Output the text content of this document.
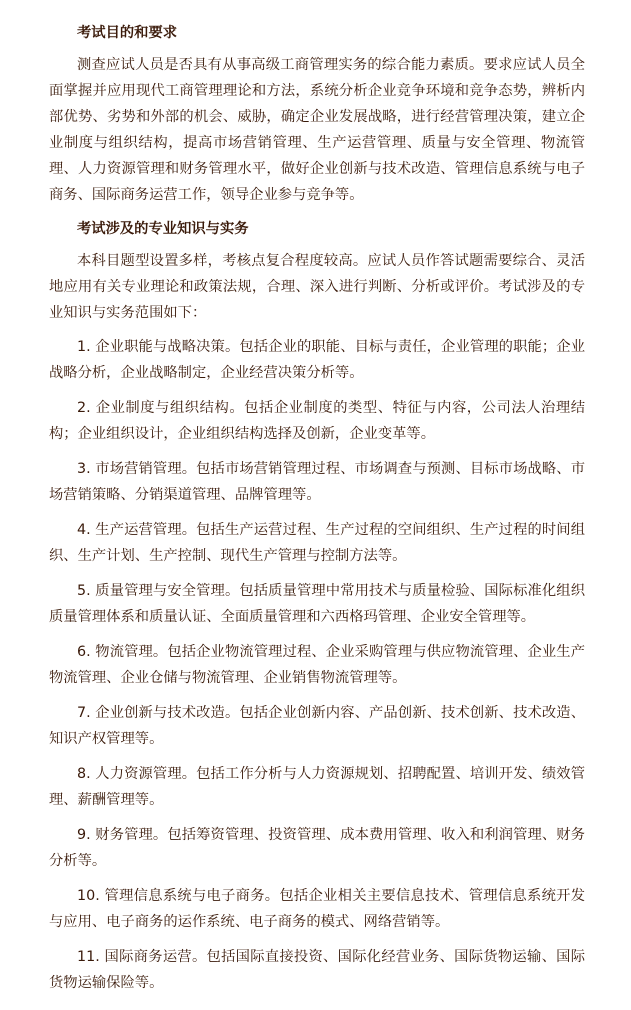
考试目的和要求

测查应试人员是否具有从事高级工商管理实务的综合能力素质。要求应试人员全面掌握并应用现代工商管理理论和方法，系统分析企业竞争环境和竞争态势，辨析内部优势、劣势和外部的机会、威胁，确定企业发展战略，进行经营管理决策，建立企业制度与组织结构，提高市场营销管理、生产运营管理、质量与安全管理、物流管理、人力资源管理和财务管理水平，做好企业创新与技术改造、管理信息系统与电子商务、国际商务运营工作，领导企业参与竞争等。

考试涉及的专业知识与实务

本科目题型设置多样，考核点复合程度较高。应试人员作答试题需要综合、灵活地应用有关专业理论和政策法规，合理、深入进行判断、分析或评价。考试涉及的专业知识与实务范围如下：

1. 企业职能与战略决策。包括企业的职能、目标与责任，企业管理的职能；企业战略分析，企业战略制定，企业经营决策分析等。

2. 企业制度与组织结构。包括企业制度的类型、特征与内容，公司法人治理结构；企业组织设计，企业组织结构选择及创新，企业变革等。

3. 市场营销管理。包括市场营销管理过程、市场调查与预测、目标市场战略、市场营销策略、分销渠道管理、品牌管理等。

4. 生产运营管理。包括生产运营过程、生产过程的空间组织、生产过程的时间组织、生产计划、生产控制、现代生产管理与控制方法等。

5. 质量管理与安全管理。包括质量管理中常用技术与质量检验、国际标准化组织质量管理体系和质量认证、全面质量管理和六西格玛管理、企业安全管理等。

6. 物流管理。包括企业物流管理过程、企业采购管理与供应物流管理、企业生产物流管理、企业仓储与物流管理、企业销售物流管理等。

7. 企业创新与技术改造。包括企业创新内容、产品创新、技术创新、技术改造、知识产权管理等。

8. 人力资源管理。包括工作分析与人力资源规划、招聘配置、培训开发、绩效管理、薪酬管理等。

9. 财务管理。包括筹资管理、投资管理、成本费用管理、收入和利润管理、财务分析等。

10. 管理信息系统与电子商务。包括企业相关主要信息技术、管理信息系统开发与应用、电子商务的运作系统、电子商务的模式、网络营销等。

11. 国际商务运营。包括国际直接投资、国际化经营业务、国际货物运输、国际货物运输保险等。
